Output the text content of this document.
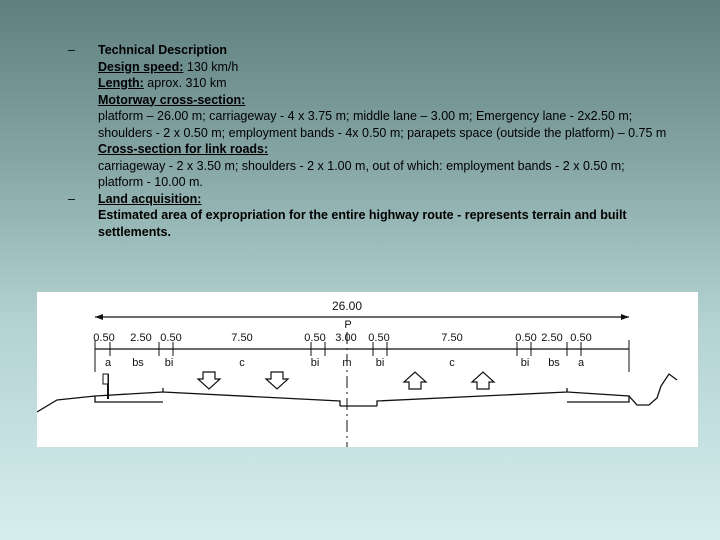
– Technical Description
Design speed: 130 km/h
Length: aprox. 310 km
Motorway cross-section:
platform – 26.00 m; carriageway - 4 x 3.75 m; middle lane – 3.00 m; Emergency lane - 2x2.50 m; shoulders - 2 x 0.50 m; employment bands - 4x 0.50 m; parapets space (outside the platform) – 0.75 m
Cross-section for link roads:
carriageway - 2 x 3.50 m; shoulders - 2 x 1.00 m, out of which: employment bands - 2 x 0.50 m; platform - 10.00 m.
– Land acquisition:
Estimated area of expropriation for the entire highway route - represents terrain and built settlements.
26.00
P
0.50 2.50 0.50	7.50	0.50 3.00 0.50	7.50	0.50 2.50 0.50
a bs bi	c	bi m bi	c	bi bs a
